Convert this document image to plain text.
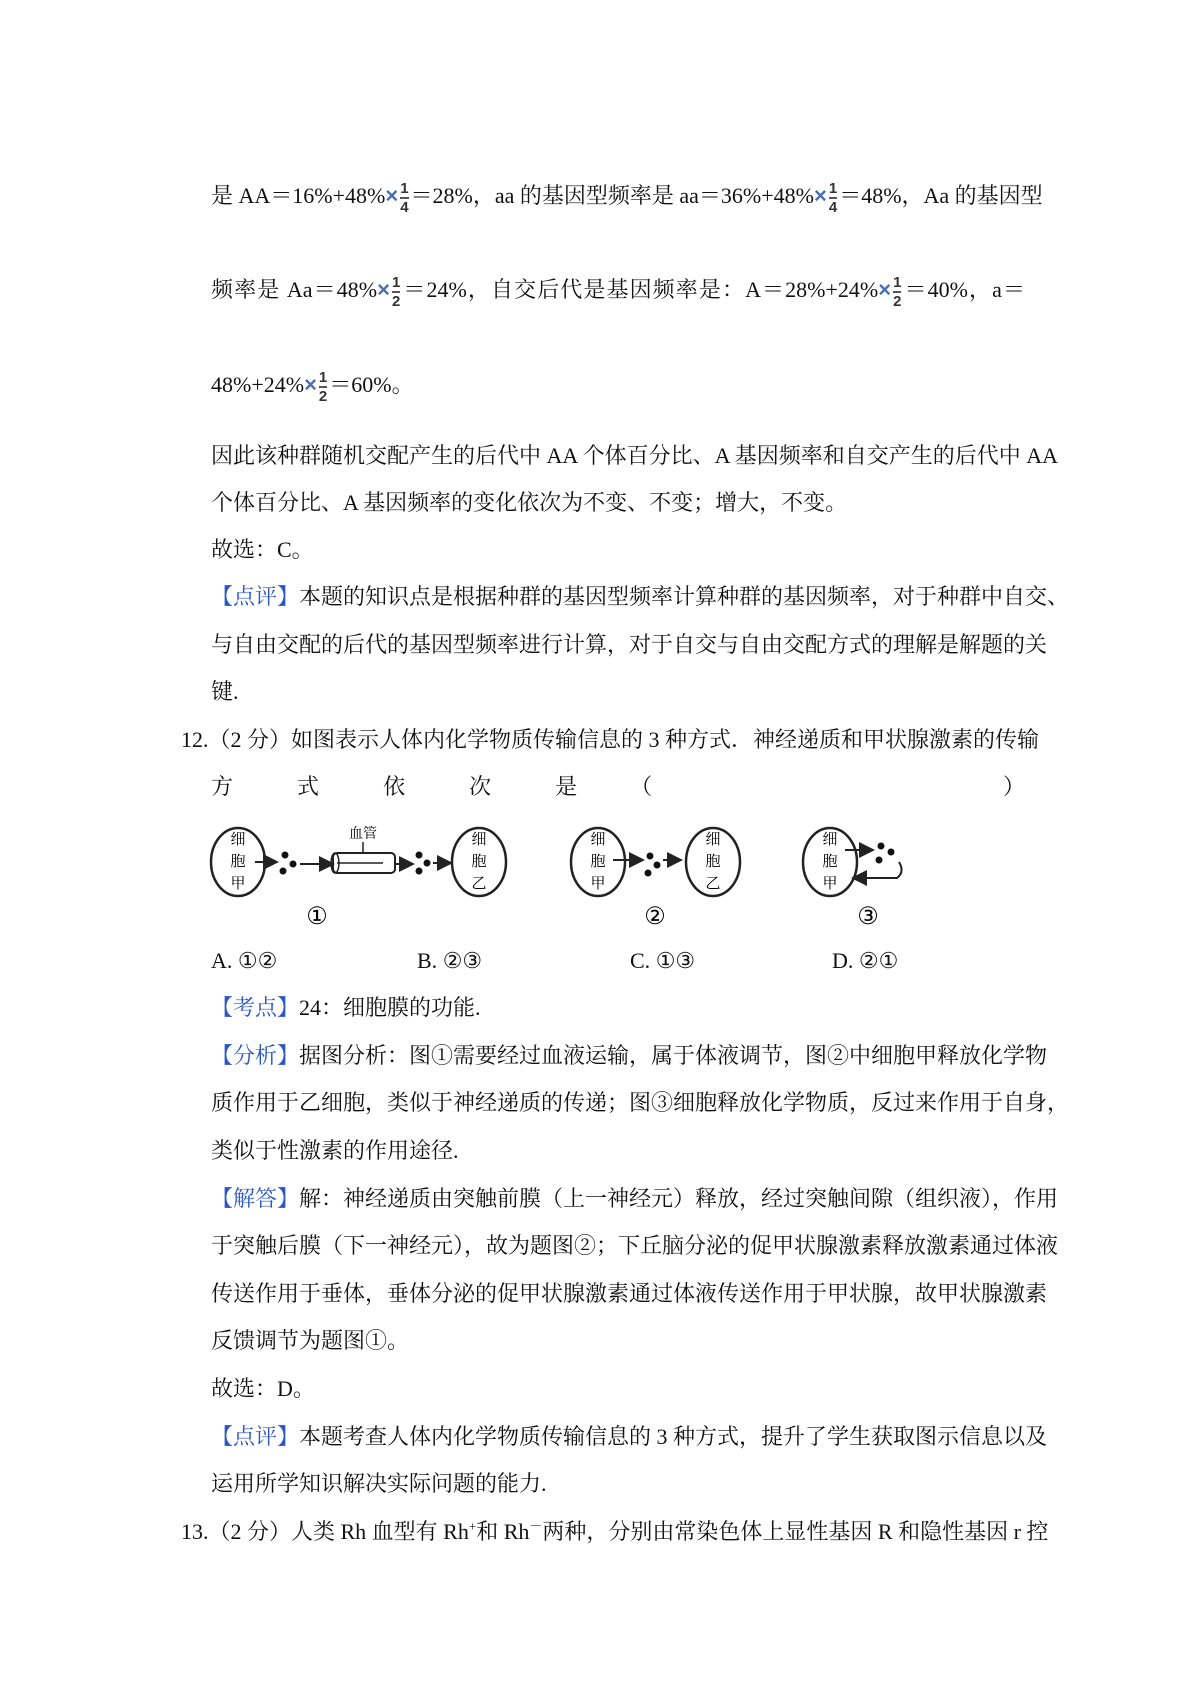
是 $AA=16\%+48\%\times \frac{1}{4} =28\%$，aa 的基因型频率是 $aa=36\%+48\%\times \frac{1}{4} =48\%$，Aa 的基因型
频率是 $Aa=48\%\times \frac{1}{2} =24\%$，自交后代是基因频率是：$A=28\%+24\%\times \frac{1}{2} =40\%$，a＝
$48\%+24\%\times \frac{1}{2} =60\%$。
因此该种群随机交配产生的后代中 AA 个体百分比、A 基因频率和自交产生的后代中 AA
个体百分比、A 基因频率的变化依次为不变、不变；增大，不变。
故选：C。
【点评】本题的知识点是根据种群的基因型频率计算种群的基因频率，对于种群中自交、
与自由交配的后代的基因型频率进行计算，对于自交与自由交配方式的理解是解题的关
键.
12.（2 分）如图表示人体内化学物质传输信息的 3 种方式．神经递质和甲状腺激素的传输
方　　式　　依　　次　　是　　（　　　　　　　　　　　　）
细
胞
甲
血管	细
胞
乙
①
细
胞
甲
细
胞
乙
②
细
胞
甲
③
A. ①②	B. ②③	C. ①③	D. ②①
【考点】24：细胞膜的功能.
【分析】据图分析：图①需要经过血液运输，属于体液调节，图②中细胞甲释放化学物
质作用于乙细胞，类似于神经递质的传递；图③细胞释放化学物质，反过来作用于自身，
类似于性激素的作用途径.
【解答】解：神经递质由突触前膜（上一神经元）释放，经过突触间隙（组织液），作用
于突触后膜（下一神经元），故为题图②；下丘脑分泌的促甲状腺激素释放激素通过体液
传送作用于垂体，垂体分泌的促甲状腺激素通过体液传送作用于甲状腺，故甲状腺激素
反馈调节为题图①。
故选：D。
【点评】本题考查人体内化学物质传输信息的 3 种方式，提升了学生获取图示信息以及
运用所学知识解决实际问题的能力.
13.（2 分）人类 Rh 血型有 Rh+和 Rh－两种，分别由常染色体上显性基因 R 和隐性基因 r 控
